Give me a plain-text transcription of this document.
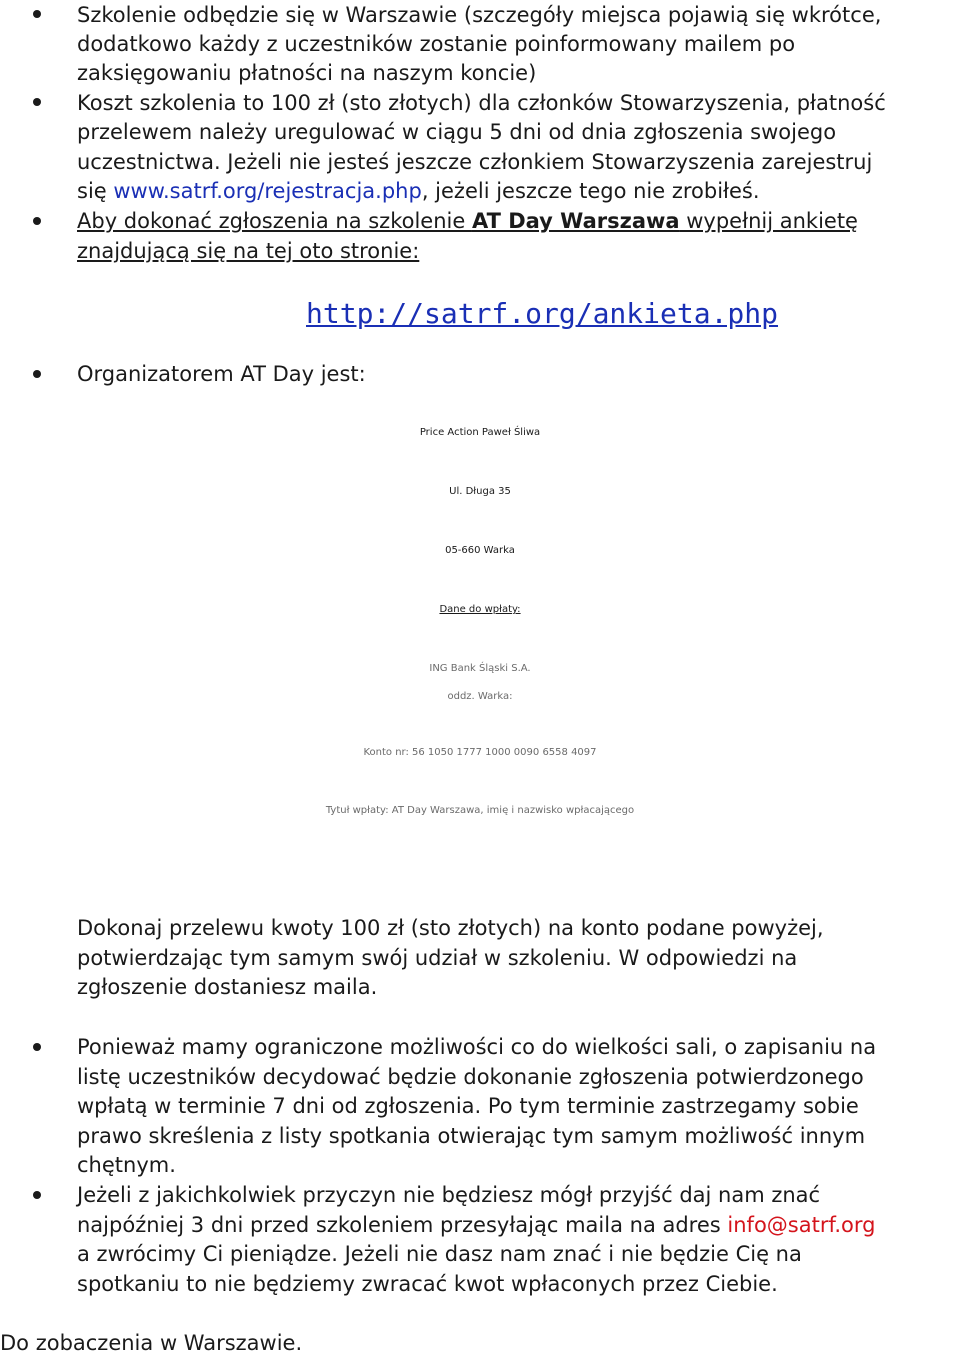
Szkolenie odbędzie się w Warszawie (szczegóły miejsca pojawią się wkrótce,
dodatkowo każdy z uczestników zostanie poinformowany mailem po
zaksięgowaniu płatności na naszym koncie)
Koszt szkolenia to 100 zł (sto złotych) dla członków Stowarzyszenia, płatność
przelewem należy uregulować w ciągu 5 dni od dnia zgłoszenia swojego
uczestnictwa. Jeżeli nie jesteś jeszcze członkiem Stowarzyszenia zarejestruj
się www.satrf.org/rejestracja.php, jeżeli jeszcze tego nie zrobiłeś.
Aby dokonać zgłoszenia na szkolenie AT Day Warszawa wypełnij ankietę
znajdującą się na tej oto stronie:
http://satrf.org/ankieta.php
Organizatorem AT Day jest:
Price Action Paweł Śliwa
Ul. Długa 35
05-660 Warka
Dane do wpłaty:
ING Bank Śląski S.A.
oddz. Warka:
Konto nr: 56 1050 1777 1000 0090 6558 4097
Tytuł wpłaty: AT Day Warszawa, imię i nazwisko wpłacającego
Dokonaj przelewu kwoty 100 zł (sto złotych) na konto podane powyżej,
potwierdzając tym samym swój udział w szkoleniu. W odpowiedzi na
zgłoszenie dostaniesz maila.
Ponieważ mamy ograniczone możliwości co do wielkości sali, o zapisaniu na
listę uczestników decydować będzie dokonanie zgłoszenia potwierdzonego
wpłatą w terminie 7 dni od zgłoszenia. Po tym terminie zastrzegamy sobie
prawo skreślenia z listy spotkania otwierając tym samym możliwość innym
chętnym.
Jeżeli z jakichkolwiek przyczyn nie będziesz mógł przyjść daj nam znać
najpóźniej 3 dni przed szkoleniem przesyłając maila na adres info@satrf.org
a zwrócimy Ci pieniądze. Jeżeli nie dasz nam znać i nie będzie Cię na
spotkaniu to nie będziemy zwracać kwot wpłaconych przez Ciebie.
Do zobaczenia w Warszawie.
